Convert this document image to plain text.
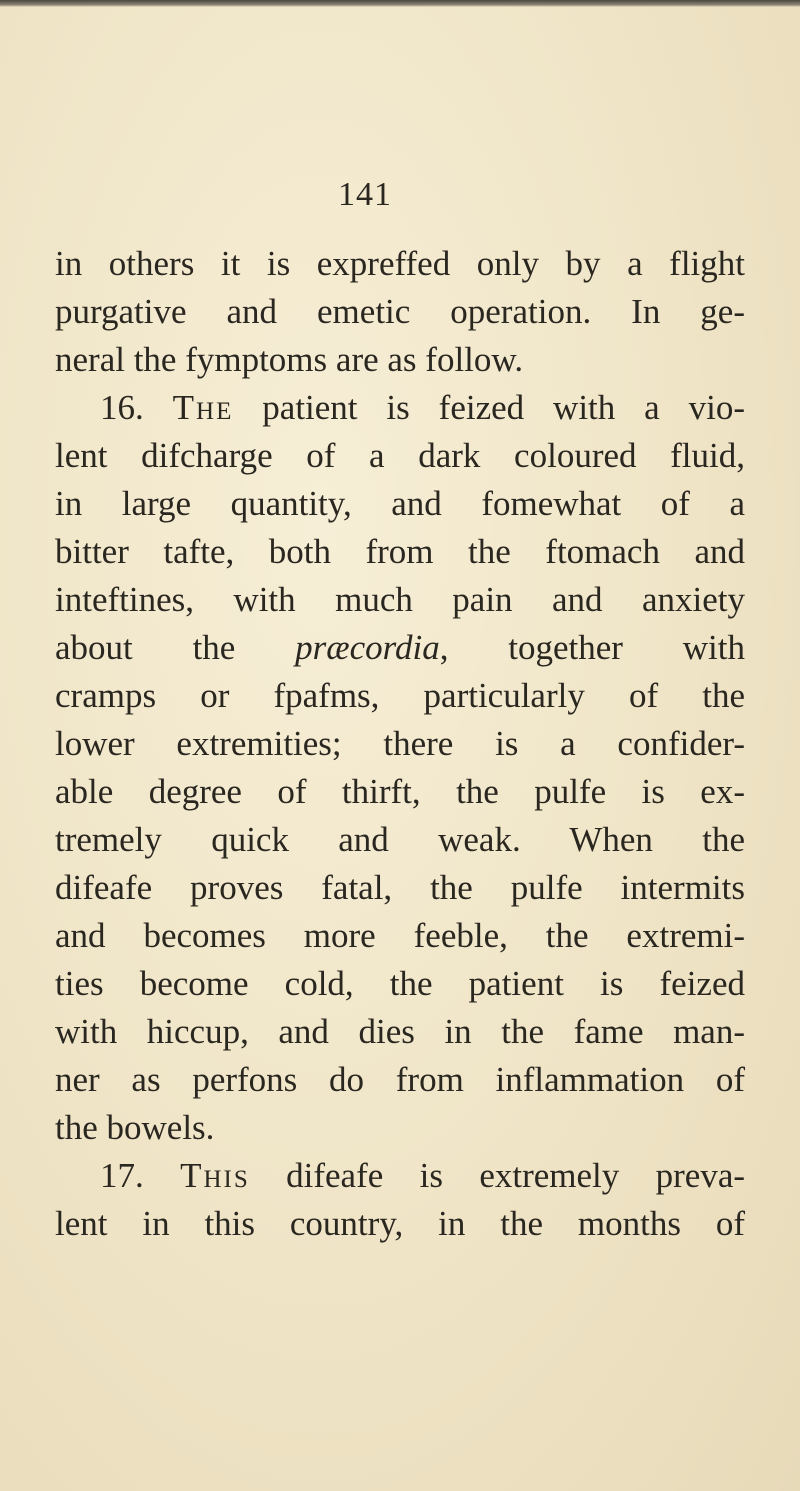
141
in others it is expreffed only by a flight
purgative and emetic operation. In ge-
neral the fymptoms are as follow.
16. The patient is feized with a vio-
lent difcharge of a dark coloured fluid,
in large quantity, and fomewhat of a
bitter tafte, both from the ftomach and
inteftines, with much pain and anxiety
about the præcordia, together with
cramps or fpafms, particularly of the
lower extremities; there is a confider-
able degree of thirft, the pulfe is ex-
tremely quick and weak. When the
difeafe proves fatal, the pulfe intermits
and becomes more feeble, the extremi-
ties become cold, the patient is feized
with hiccup, and dies in the fame man-
ner as perfons do from inflammation of
the bowels.
17. This difeafe is extremely preva-
lent in this country, in the months of
